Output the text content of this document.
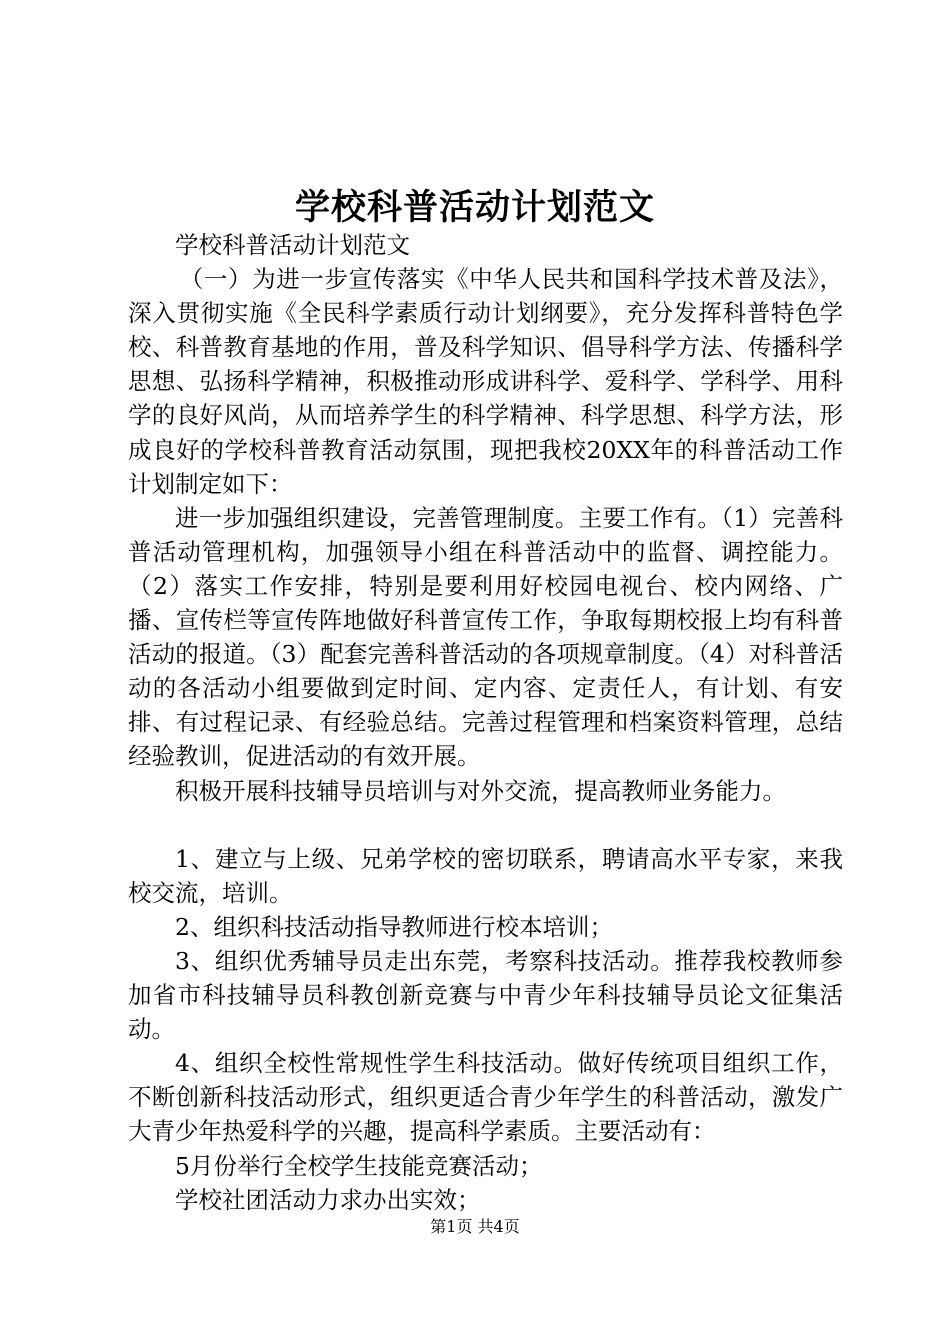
学校科普活动计划范文

学校科普活动计划范文

（一）为进一步宣传落实《中华人民共和国科学技术普及法》，深入贯彻实施《全民科学素质行动计划纲要》，充分发挥科普特色学校、科普教育基地的作用，普及科学知识、倡导科学方法、传播科学思想、弘扬科学精神，积极推动形成讲科学、爱科学、学科学、用科学的良好风尚，从而培养学生的科学精神、科学思想、科学方法，形成良好的学校科普教育活动氛围，现把我校20XX年的科普活动工作计划制定如下：

进一步加强组织建设，完善管理制度。主要工作有。（1）完善科普活动管理机构，加强领导小组在科普活动中的监督、调控能力。（2）落实工作安排，特别是要利用好校园电视台、校内网络、广播、宣传栏等宣传阵地做好科普宣传工作，争取每期校报上均有科普活动的报道。（3）配套完善科普活动的各项规章制度。（4）对科普活动的各活动小组要做到定时间、定内容、定责任人，有计划、有安排、有过程记录、有经验总结。完善过程管理和档案资料管理，总结经验教训，促进活动的有效开展。

积极开展科技辅导员培训与对外交流，提高教师业务能力。

1、建立与上级、兄弟学校的密切联系，聘请高水平专家，来我校交流，培训。

2、组织科技活动指导教师进行校本培训；

3、组织优秀辅导员走出东莞，考察科技活动。推荐我校教师参加省市科技辅导员科教创新竞赛与中青少年科技辅导员论文征集活动。

4、组织全校性常规性学生科技活动。做好传统项目组织工作，不断创新科技活动形式，组织更适合青少年学生的科普活动，激发广大青少年热爱科学的兴趣，提高科学素质。主要活动有：

5月份举行全校学生技能竞赛活动；

学校社团活动力求办出实效；

第1页 共4页
